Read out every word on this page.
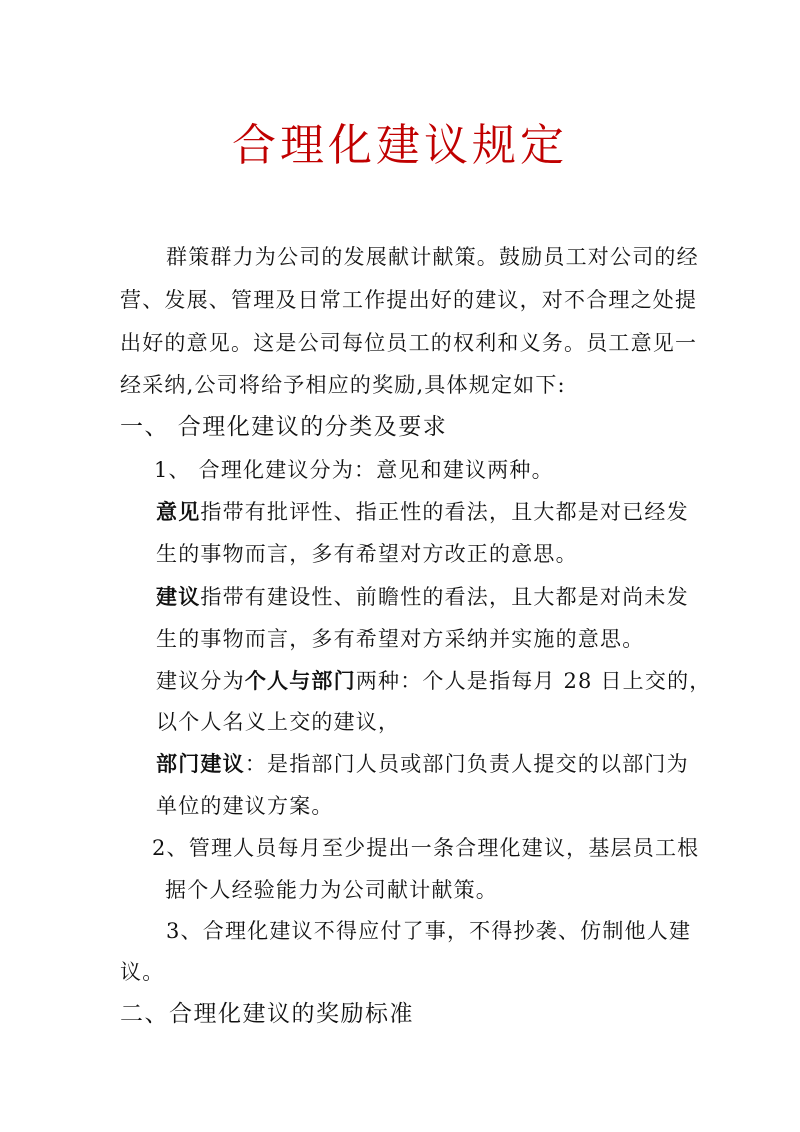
合理化建议规定
群策群力为公司的发展献计献策。鼓励员工对公司的经
营、发展、管理及日常工作提出好的建议，对不合理之处提
出好的意见。这是公司每位员工的权利和义务。员工意见一
经采纳,公司将给予相应的奖励,具体规定如下:
一、 合理化建议的分类及要求
1、 合理化建议分为：意见和建议两种。
意见指带有批评性、指正性的看法，且大都是对已经发
生的事物而言，多有希望对方改正的意思。
建议指带有建设性、前瞻性的看法，且大都是对尚未发
生的事物而言，多有希望对方采纳并实施的意思。
建议分为个人与部门两种：个人是指每月 28 日上交的，
以个人名义上交的建议，
部门建议：是指部门人员或部门负责人提交的以部门为
单位的建议方案。
2、管理人员每月至少提出一条合理化建议，基层员工根
据个人经验能力为公司献计献策。
3、合理化建议不得应付了事，不得抄袭、仿制他人建
议。
二、合理化建议的奖励标准
